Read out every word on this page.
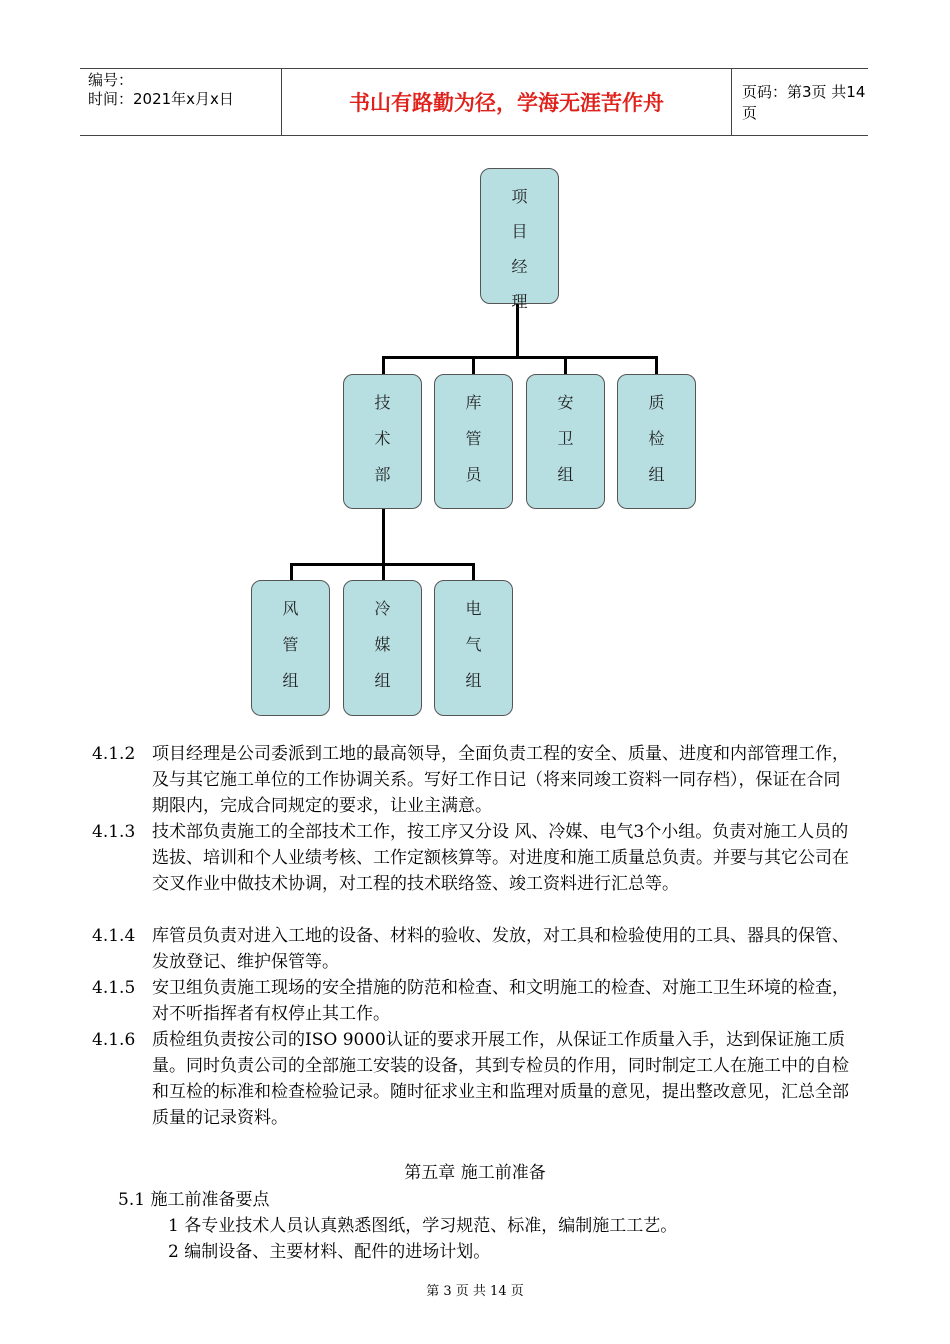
编号：
时间：2021年x月x日	书山有路勤为径，学海无涯苦作舟	页码：第3页 共14页
项
目
经
理
技
术
部
库
管
员
安
卫
组
质
检
组
风
管
组
冷
媒
组
电
气
组
4.1.2 项目经理是公司委派到工地的最高领导，全面负责工程的安全、质量、进度和内部管理工作，及与其它施工单位的工作协调关系。写好工作日记（将来同竣工资料一同存档），保证在合同期限内，完成合同规定的要求，让业主满意。
4.1.3 技术部负责施工的全部技术工作，按工序又分设 风、冷媒、电气3个小组。负责对施工人员的选拔、培训和个人业绩考核、工作定额核算等。对进度和施工质量总负责。并要与其它公司在交叉作业中做技术协调，对工程的技术联络签、竣工资料进行汇总等。
4.1.4 库管员负责对进入工地的设备、材料的验收、发放，对工具和检验使用的工具、器具的保管、发放登记、维护保管等。
4.1.5 安卫组负责施工现场的安全措施的防范和检查、和文明施工的检查、对施工卫生环境的检查，对不听指挥者有权停止其工作。
4.1.6 质检组负责按公司的ISO 9000认证的要求开展工作，从保证工作质量入手，达到保证施工质量。同时负责公司的全部施工安装的设备，其到专检员的作用，同时制定工人在施工中的自检和互检的标准和检查检验记录。随时征求业主和监理对质量的意见，提出整改意见，汇总全部质量的记录资料。
第五章 施工前准备
5.1 施工前准备要点
1 各专业技术人员认真熟悉图纸，学习规范、标准，编制施工工艺。
2 编制设备、主要材料、配件的进场计划。
第 3 页 共 14 页
